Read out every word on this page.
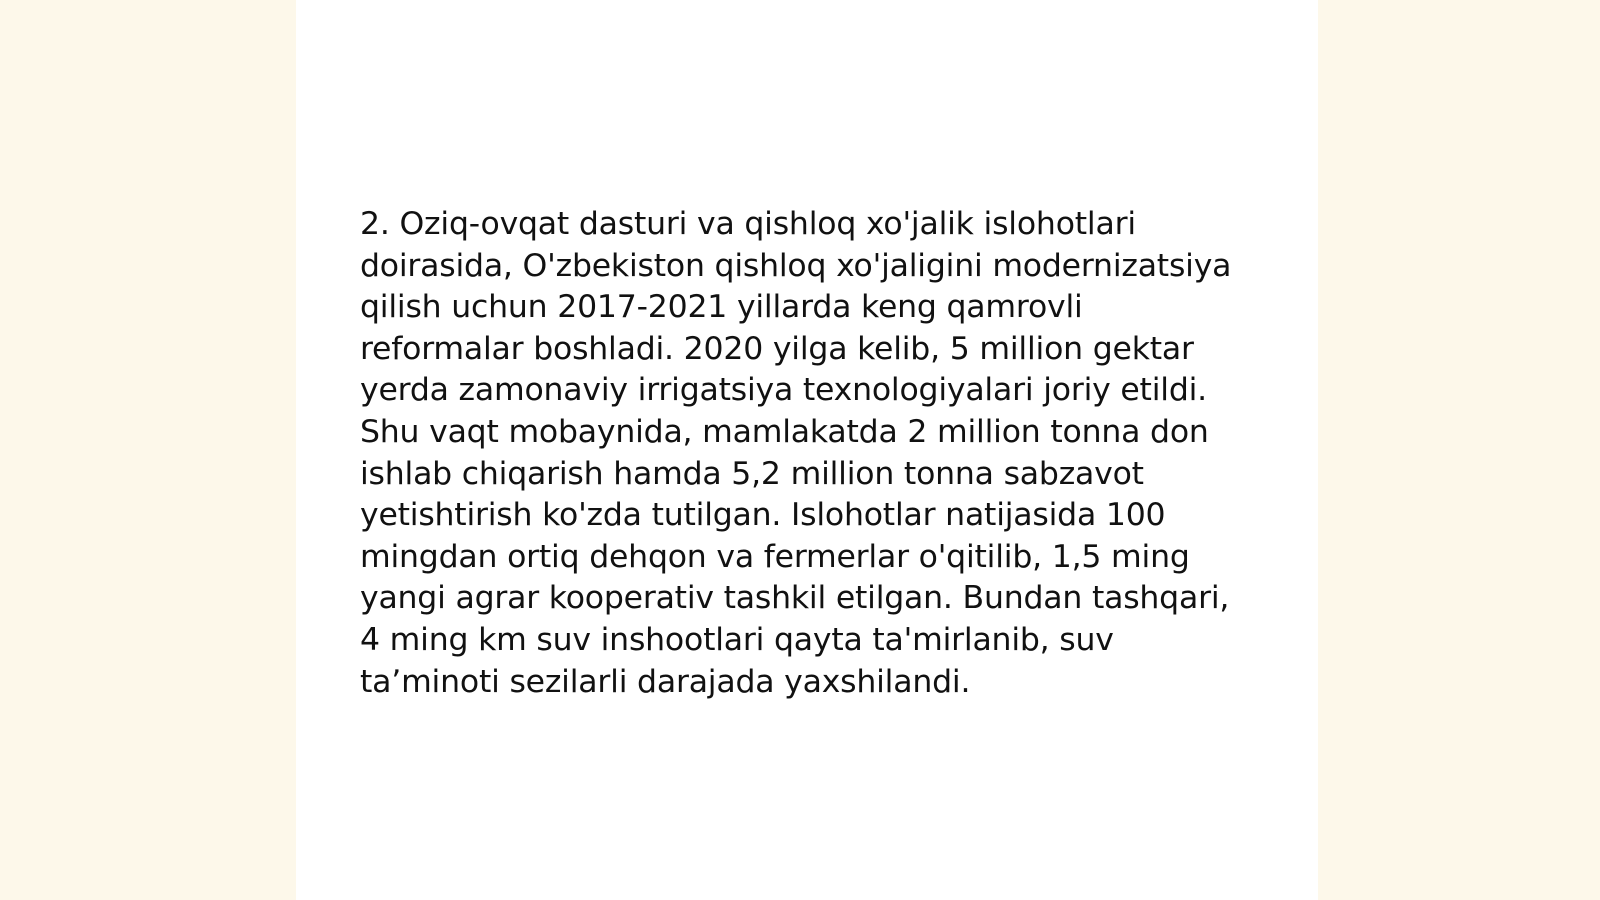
2. Oziq-ovqat dasturi va qishloq xo'jalik islohotlari doirasida, O'zbekiston qishloq xo'jaligini modernizatsiya qilish uchun 2017-2021 yillarda keng qamrovli reformalar boshladi. 2020 yilga kelib, 5 million gektar yerda zamonaviy irrigatsiya texnologiyalari joriy etildi. Shu vaqt mobaynida, mamlakatda 2 million tonna don ishlab chiqarish hamda 5,2 million tonna sabzavot yetishtirish ko'zda tutilgan. Islohotlar natijasida 100 mingdan ortiq dehqon va fermerlar o'qitilib, 1,5 ming yangi agrar kooperativ tashkil etilgan. Bundan tashqari, 4 ming km suv inshootlari qayta ta'mirlanib, suv ta’minoti sezilarli darajada yaxshilandi.
